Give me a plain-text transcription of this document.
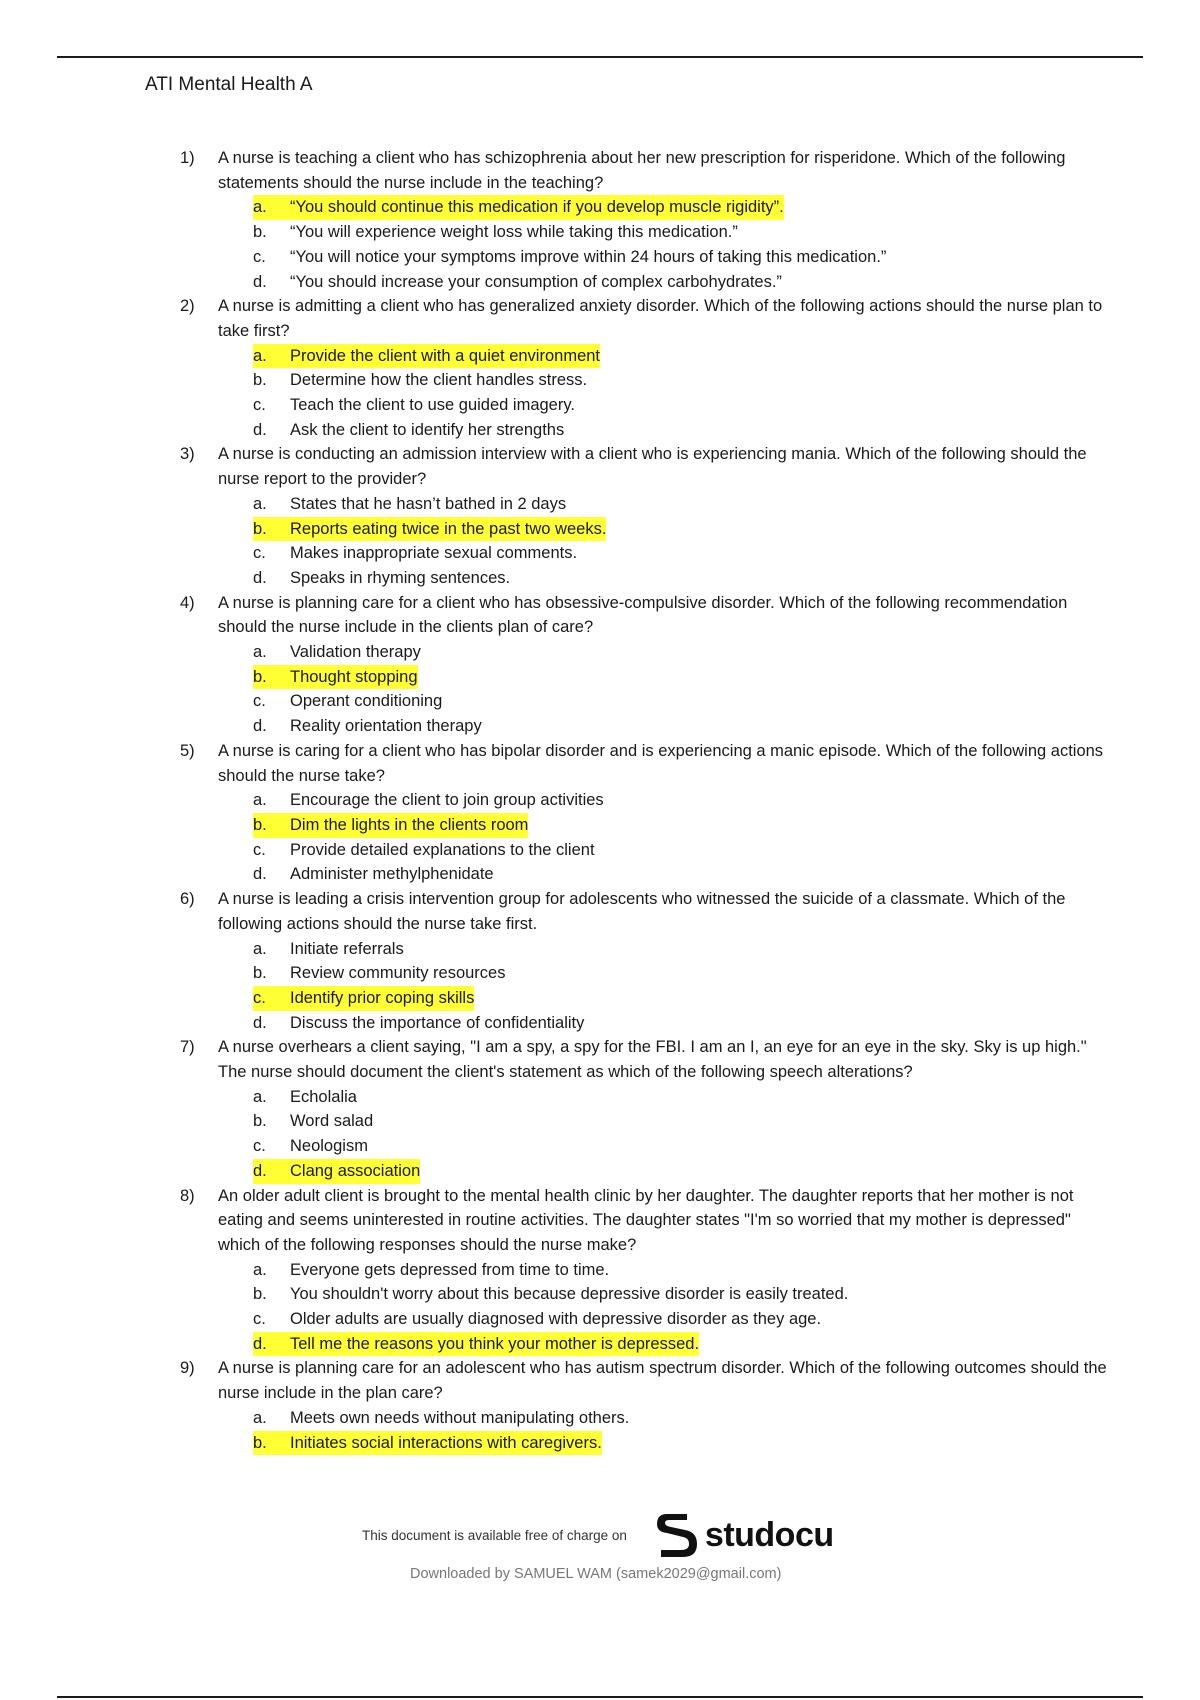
ATI Mental Health A
1)	A nurse is teaching a client who has schizophrenia about her new prescription for risperidone. Which of the following statements should the nurse include in the teaching?
a.	“You should continue this medication if you develop muscle rigidity”.
b.	“You will experience weight loss while taking this medication.”
c.	“You will notice your symptoms improve within 24 hours of taking this medication.”
d.	“You should increase your consumption of complex carbohydrates.”
2)	A nurse is admitting a client who has generalized anxiety disorder. Which of the following actions should the nurse plan to take first?
a.	Provide the client with a quiet environment
b.	Determine how the client handles stress.
c.	Teach the client to use guided imagery.
d.	Ask the client to identify her strengths
3)	A nurse is conducting an admission interview with a client who is experiencing mania. Which of the following should the nurse report to the provider?
a.	States that he hasn’t bathed in 2 days
b.	Reports eating twice in the past two weeks.
c.	Makes inappropriate sexual comments.
d.	Speaks in rhyming sentences.
4)	A nurse is planning care for a client who has obsessive-compulsive disorder. Which of the following recommendation should the nurse include in the clients plan of care?
a.	Validation therapy
b.	Thought stopping
c.	Operant conditioning
d.	Reality orientation therapy
5)	A nurse is caring for a client who has bipolar disorder and is experiencing a manic episode. Which of the following actions should the nurse take?
a.	Encourage the client to join group activities
b.	Dim the lights in the clients room
c.	Provide detailed explanations to the client
d.	Administer methylphenidate
6)	A nurse is leading a crisis intervention group for adolescents who witnessed the suicide of a classmate. Which of the following actions should the nurse take first.
a.	Initiate referrals
b.	Review community resources
c.	Identify prior coping skills
d.	Discuss the importance of confidentiality
7)	A nurse overhears a client saying, "I am a spy, a spy for the FBI. I am an I, an eye for an eye in the sky. Sky is up high." The nurse should document the client's statement as which of the following speech alterations?
a.	Echolalia
b.	Word salad
c.	Neologism
d.	Clang association
8)	An older adult client is brought to the mental health clinic by her daughter. The daughter reports that her mother is not eating and seems uninterested in routine activities. The daughter states "I'm so worried that my mother is depressed" which of the following responses should the nurse make?
a.	Everyone gets depressed from time to time.
b.	You shouldn't worry about this because depressive disorder is easily treated.
c.	Older adults are usually diagnosed with depressive disorder as they age.
d.	Tell me the reasons you think your mother is depressed.
9)	A nurse is planning care for an adolescent who has autism spectrum disorder. Which of the following outcomes should the nurse include in the plan care?
a.	Meets own needs without manipulating others.
b.	Initiates social interactions with caregivers.
This document is available free of charge on studocu
Downloaded by SAMUEL WAM (samek2029@gmail.com)
